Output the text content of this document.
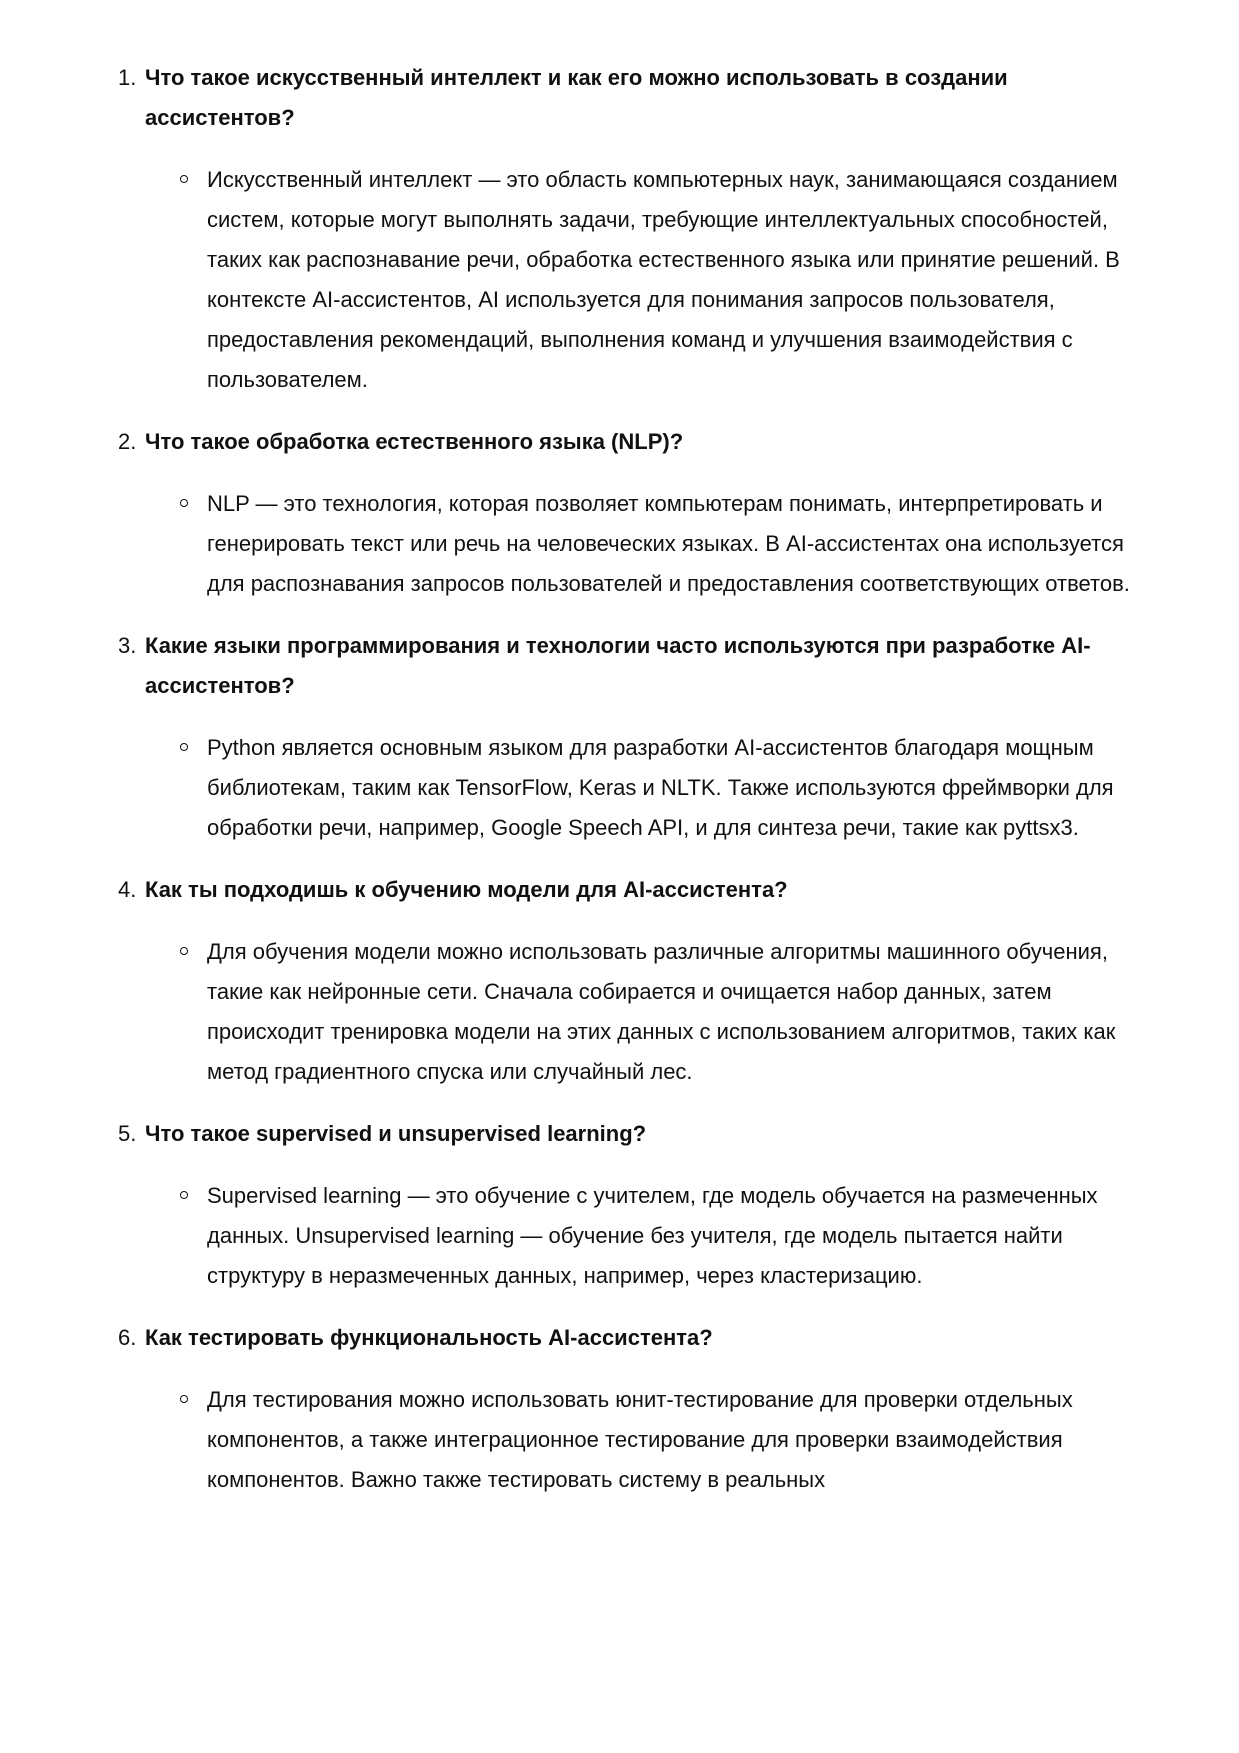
1. Что такое искусственный интеллект и как его можно использовать в создании ассистентов?

Искусственный интеллект — это область компьютерных наук, занимающаяся созданием систем, которые могут выполнять задачи, требующие интеллектуальных способностей, таких как распознавание речи, обработка естественного языка или принятие решений. В контексте AI-ассистентов, AI используется для понимания запросов пользователя, предоставления рекомендаций, выполнения команд и улучшения взаимодействия с пользователем.

2. Что такое обработка естественного языка (NLP)?

NLP — это технология, которая позволяет компьютерам понимать, интерпретировать и генерировать текст или речь на человеческих языках. В AI-ассистентах она используется для распознавания запросов пользователей и предоставления соответствующих ответов.

3. Какие языки программирования и технологии часто используются при разработке AI-ассистентов?

Python является основным языком для разработки AI-ассистентов благодаря мощным библиотекам, таким как TensorFlow, Keras и NLTK. Также используются фреймворки для обработки речи, например, Google Speech API, и для синтеза речи, такие как pyttsx3.

4. Как ты подходишь к обучению модели для AI-ассистента?

Для обучения модели можно использовать различные алгоритмы машинного обучения, такие как нейронные сети. Сначала собирается и очищается набор данных, затем происходит тренировка модели на этих данных с использованием алгоритмов, таких как метод градиентного спуска или случайный лес.

5. Что такое supervised и unsupervised learning?

Supervised learning — это обучение с учителем, где модель обучается на размеченных данных. Unsupervised learning — обучение без учителя, где модель пытается найти структуру в неразмеченных данных, например, через кластеризацию.

6. Как тестировать функциональность AI-ассистента?

Для тестирования можно использовать юнит-тестирование для проверки отдельных компонентов, а также интеграционное тестирование для проверки взаимодействия компонентов. Важно также тестировать систему в реальных
